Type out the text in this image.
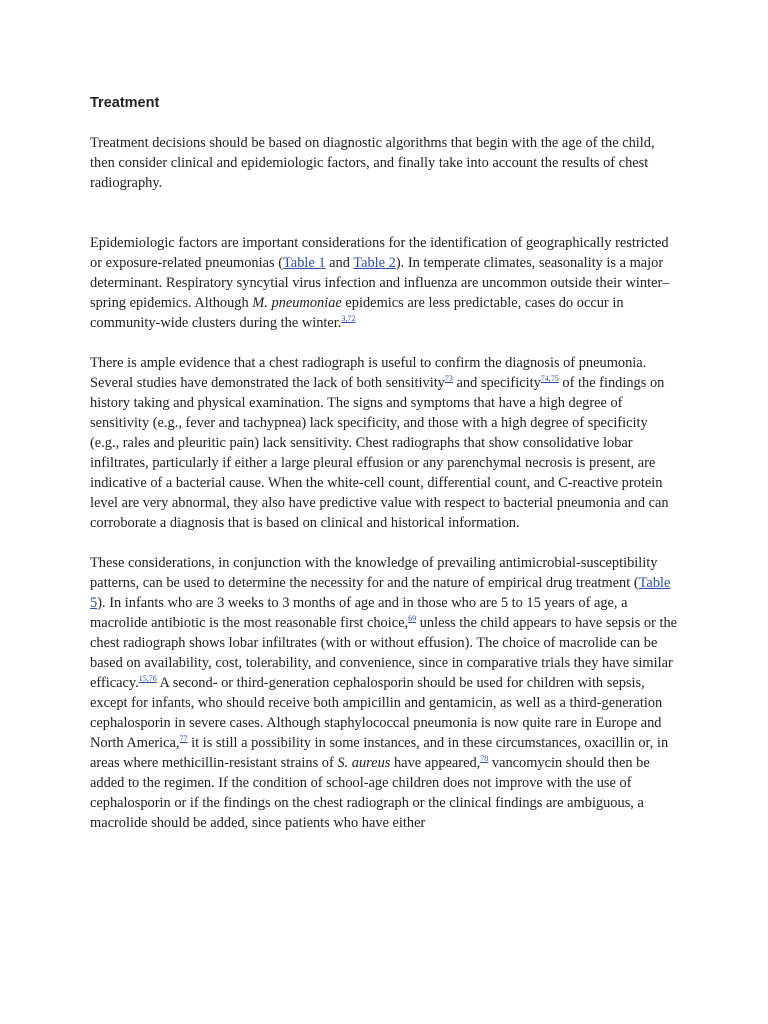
Treatment

Treatment decisions should be based on diagnostic algorithms that begin with the age of the child, then consider clinical and epidemiologic factors, and finally take into account the results of chest radiography.

Epidemiologic factors are important considerations for the identification of geographically restricted or exposure-related pneumonias (Table 1 and Table 2). In temperate climates, seasonality is a major determinant. Respiratory syncytial virus infection and influenza are uncommon outside their winter–spring epidemics. Although M. pneumoniae epidemics are less predictable, cases do occur in community-wide clusters during the winter.$^{3,72}$

There is ample evidence that a chest radiograph is useful to confirm the diagnosis of pneumonia. Several studies have demonstrated the lack of both sensitivity$^{73}$ and specificity$^{74,75}$ of the findings on history taking and physical examination. The signs and symptoms that have a high degree of sensitivity (e.g., fever and tachypnea) lack specificity, and those with a high degree of specificity (e.g., rales and pleuritic pain) lack sensitivity. Chest radiographs that show consolidative lobar infiltrates, particularly if either a large pleural effusion or any parenchymal necrosis is present, are indicative of a bacterial cause. When the white-cell count, differential count, and C-reactive protein level are very abnormal, they also have predictive value with respect to bacterial pneumonia and can corroborate a diagnosis that is based on clinical and historical information.

These considerations, in conjunction with the knowledge of prevailing antimicrobial-susceptibility patterns, can be used to determine the necessity for and the nature of empirical drug treatment (Table 5). In infants who are 3 weeks to 3 months of age and in those who are 5 to 15 years of age, a macrolide antibiotic is the most reasonable first choice,$^{69}$ unless the child appears to have sepsis or the chest radiograph shows lobar infiltrates (with or without effusion). The choice of macrolide can be based on availability, cost, tolerability, and convenience, since in comparative trials they have similar efficacy.$^{15,76}$ A second- or third-generation cephalosporin should be used for children with sepsis, except for infants, who should receive both ampicillin and gentamicin, as well as a third-generation cephalosporin in severe cases. Although staphylococcal pneumonia is now quite rare in Europe and North America,$^{77}$ it is still a possibility in some instances, and in these circumstances, oxacillin or, in areas where methicillin-resistant strains of S. aureus have appeared,$^{78}$ vancomycin should then be added to the regimen. If the condition of school-age children does not improve with the use of cephalosporin or if the findings on the chest radiograph or the clinical findings are ambiguous, a macrolide should be added, since patients who have either
